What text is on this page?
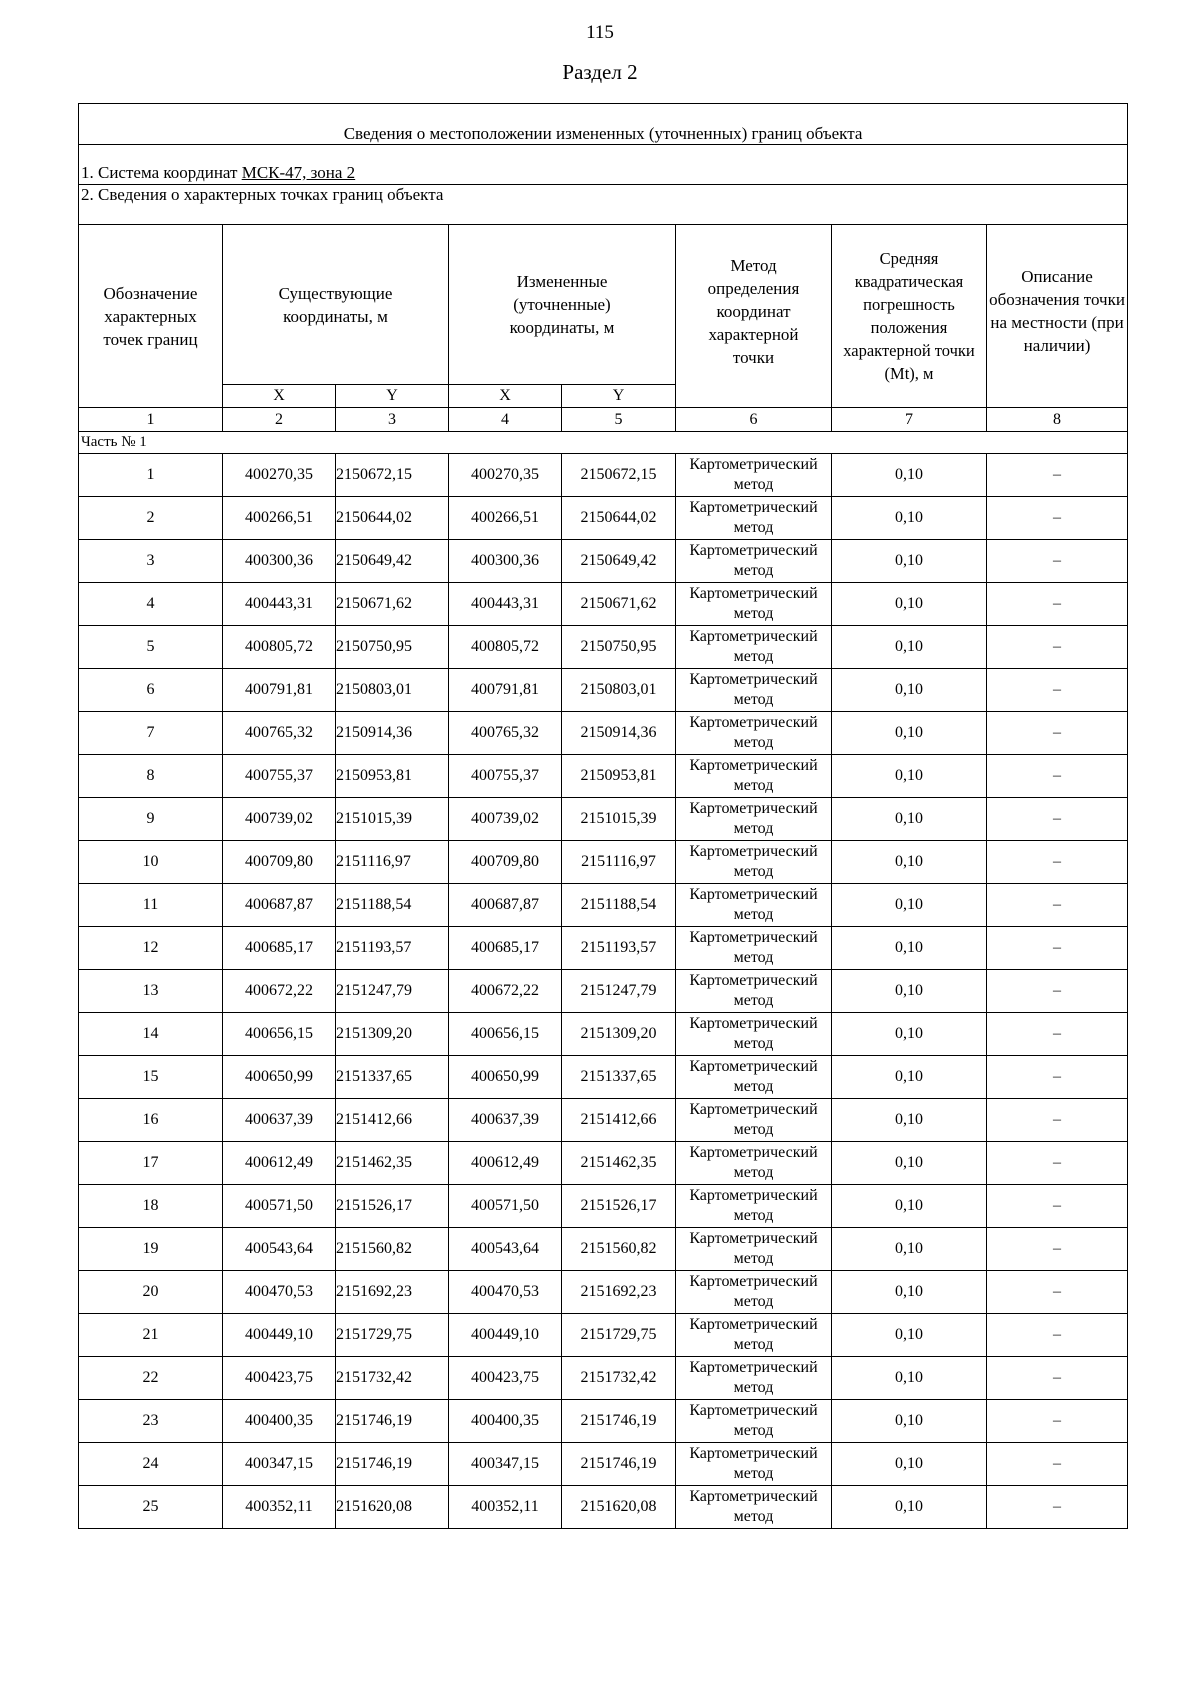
115
Раздел 2
Сведения о местоположении измененных (уточненных) границ объекта							
1. Система координат МСК-47, зона 2							
2. Сведения о характерных точках границ объекта							
Обозначение характерных точек границ	Существующие координаты, м		Измененные (уточненные) координаты, м		Метод определения координат характерной точки	Средняя квадратическая погрешность положения характерной точки (Мt), м	Описание обозначения точки на местности (при наличии)
	X	Y	X	Y			
1	2	3	4	5	6	7	8
Часть № 1							
1	400270,35	2150672,15	400270,35	2150672,15	Картометрический метод	0,10	–
2	400266,51	2150644,02	400266,51	2150644,02	Картометрический метод	0,10	–
3	400300,36	2150649,42	400300,36	2150649,42	Картометрический метод	0,10	–
4	400443,31	2150671,62	400443,31	2150671,62	Картометрический метод	0,10	–
5	400805,72	2150750,95	400805,72	2150750,95	Картометрический метод	0,10	–
6	400791,81	2150803,01	400791,81	2150803,01	Картометрический метод	0,10	–
7	400765,32	2150914,36	400765,32	2150914,36	Картометрический метод	0,10	–
8	400755,37	2150953,81	400755,37	2150953,81	Картометрический метод	0,10	–
9	400739,02	2151015,39	400739,02	2151015,39	Картометрический метод	0,10	–
10	400709,80	2151116,97	400709,80	2151116,97	Картометрический метод	0,10	–
11	400687,87	2151188,54	400687,87	2151188,54	Картометрический метод	0,10	–
12	400685,17	2151193,57	400685,17	2151193,57	Картометрический метод	0,10	–
13	400672,22	2151247,79	400672,22	2151247,79	Картометрический метод	0,10	–
14	400656,15	2151309,20	400656,15	2151309,20	Картометрический метод	0,10	–
15	400650,99	2151337,65	400650,99	2151337,65	Картометрический метод	0,10	–
16	400637,39	2151412,66	400637,39	2151412,66	Картометрический метод	0,10	–
17	400612,49	2151462,35	400612,49	2151462,35	Картометрический метод	0,10	–
18	400571,50	2151526,17	400571,50	2151526,17	Картометрический метод	0,10	–
19	400543,64	2151560,82	400543,64	2151560,82	Картометрический метод	0,10	–
20	400470,53	2151692,23	400470,53	2151692,23	Картометрический метод	0,10	–
21	400449,10	2151729,75	400449,10	2151729,75	Картометрический метод	0,10	–
22	400423,75	2151732,42	400423,75	2151732,42	Картометрический метод	0,10	–
23	400400,35	2151746,19	400400,35	2151746,19	Картометрический метод	0,10	–
24	400347,15	2151746,19	400347,15	2151746,19	Картометрический метод	0,10	–
25	400352,11	2151620,08	400352,11	2151620,08	Картометрический метод	0,10	–
